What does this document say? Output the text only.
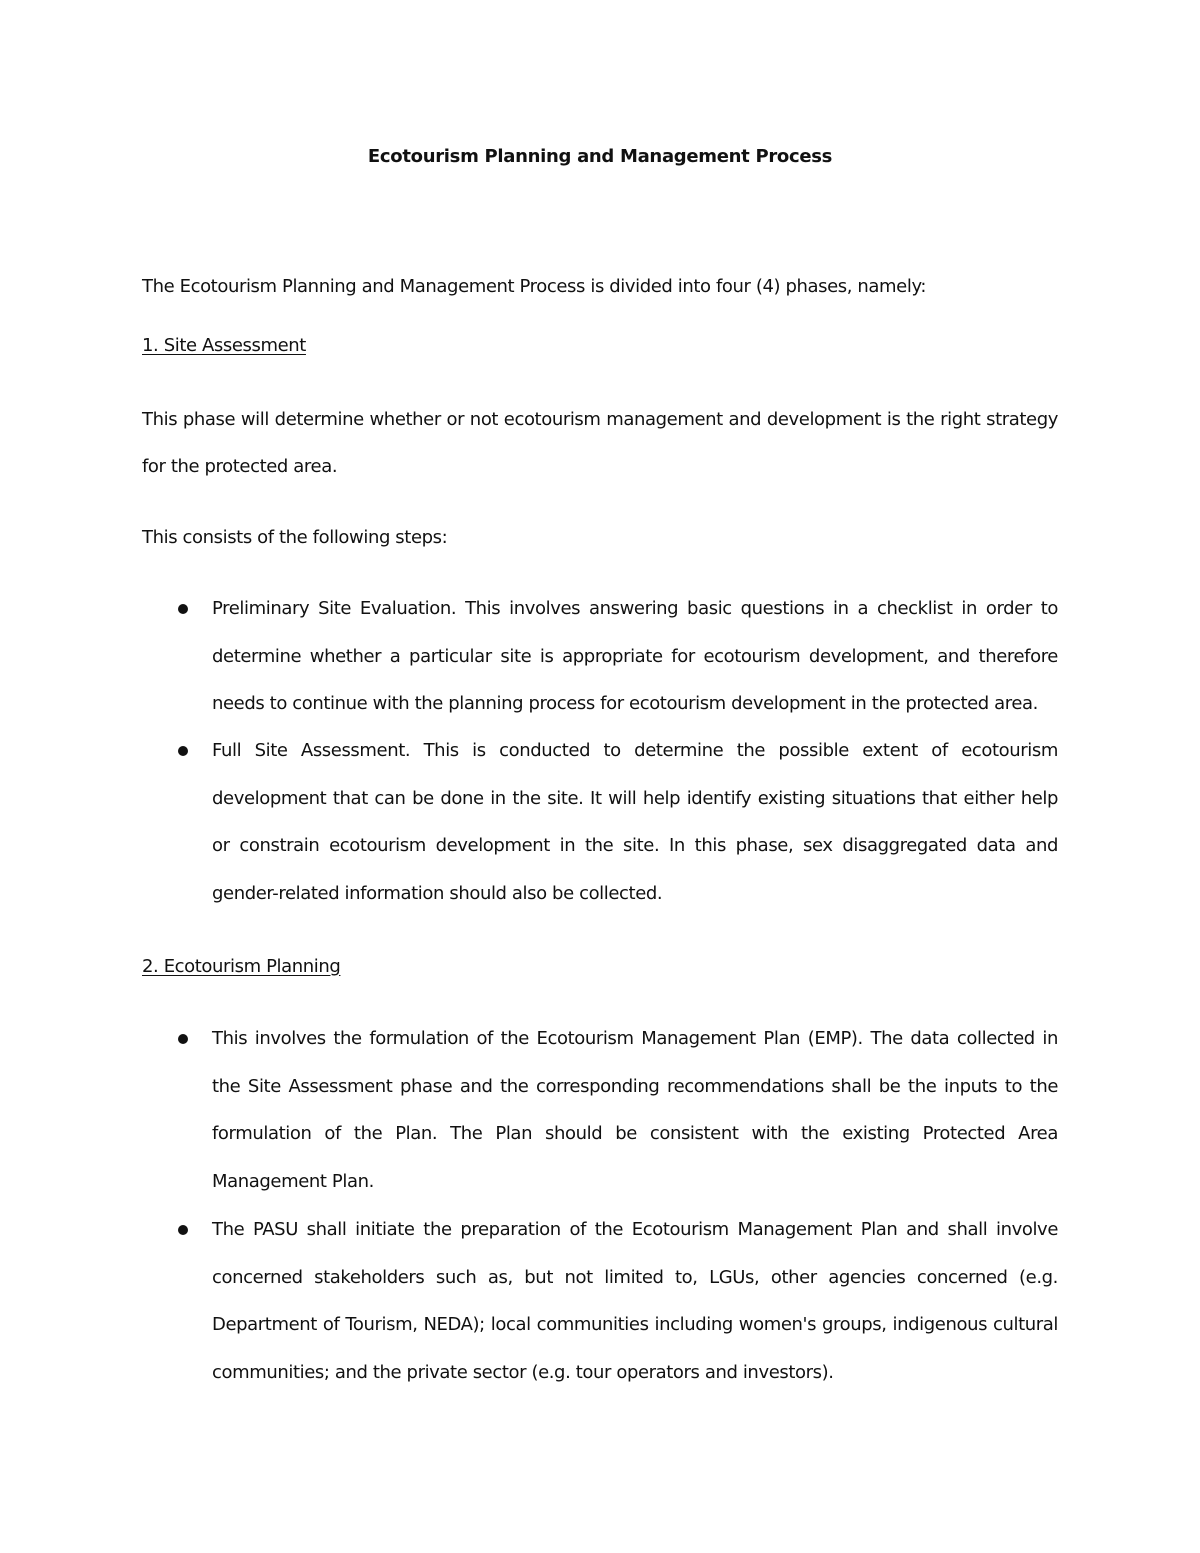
Ecotourism Planning and Management Process
The Ecotourism Planning and Management Process is divided into four (4) phases, namely:
1. Site Assessment
This phase will determine whether or not ecotourism management and development is the right strategy for the protected area.
This consists of the following steps:
Preliminary Site Evaluation. This involves answering basic questions in a checklist in order to determine whether a particular site is appropriate for ecotourism development, and therefore needs to continue with the planning process for ecotourism development in the protected area.
Full Site Assessment. This is conducted to determine the possible extent of ecotourism development that can be done in the site. It will help identify existing situations that either help or constrain ecotourism development in the site. In this phase, sex disaggregated data and gender-related information should also be collected.
2. Ecotourism Planning
This involves the formulation of the Ecotourism Management Plan (EMP). The data collected in the Site Assessment phase and the corresponding recommendations shall be the inputs to the formulation of the Plan. The Plan should be consistent with the existing Protected Area Management Plan.
The PASU shall initiate the preparation of the Ecotourism Management Plan and shall involve concerned stakeholders such as, but not limited to, LGUs, other agencies concerned (e.g. Department of Tourism, NEDA); local communities including women's groups, indigenous cultural communities; and the private sector (e.g. tour operators and investors).
